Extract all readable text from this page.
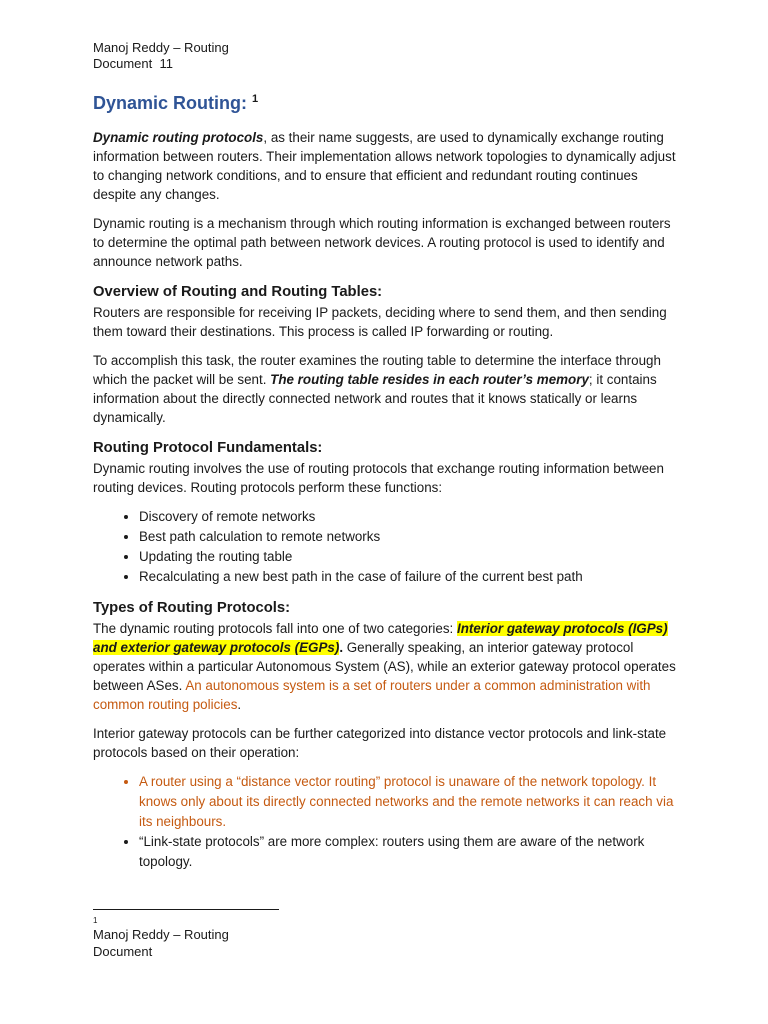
Manoj Reddy – Routing
Document  11
Dynamic Routing: $^1$

Dynamic routing protocols, as their name suggests, are used to dynamically exchange routing information between routers. Their implementation allows network topologies to dynamically adjust to changing network conditions, and to ensure that efficient and redundant routing continues despite any changes.

Dynamic routing is a mechanism through which routing information is exchanged between routers to determine the optimal path between network devices. A routing protocol is used to identify and announce network paths.

Overview of Routing and Routing Tables:

Routers are responsible for receiving IP packets, deciding where to send them, and then sending them toward their destinations. This process is called IP forwarding or routing.

To accomplish this task, the router examines the routing table to determine the interface through which the packet will be sent. The routing table resides in each router’s memory; it contains information about the directly connected network and routes that it knows statically or learns dynamically.

Routing Protocol Fundamentals:

Dynamic routing involves the use of routing protocols that exchange routing information between routing devices. Routing protocols perform these functions:

• Discovery of remote networks
• Best path calculation to remote networks
• Updating the routing table
• Recalculating a new best path in the case of failure of the current best path
Types of Routing Protocols:

The dynamic routing protocols fall into one of two categories: Interior gateway protocols (IGPs) and exterior gateway protocols (EGPs). Generally speaking, an interior gateway protocol operates within a particular Autonomous System (AS), while an exterior gateway protocol operates between ASes. An autonomous system is a set of routers under a common administration with common routing policies.

Interior gateway protocols can be further categorized into distance vector protocols and link-state protocols based on their operation:

• A router using a “distance vector routing” protocol is unaware of the network topology. It knows only about its directly connected networks and the remote networks it can reach via its neighbours.
• “Link-state protocols” are more complex: routers using them are aware of the network topology.
1
Manoj Reddy – Routing
Document
